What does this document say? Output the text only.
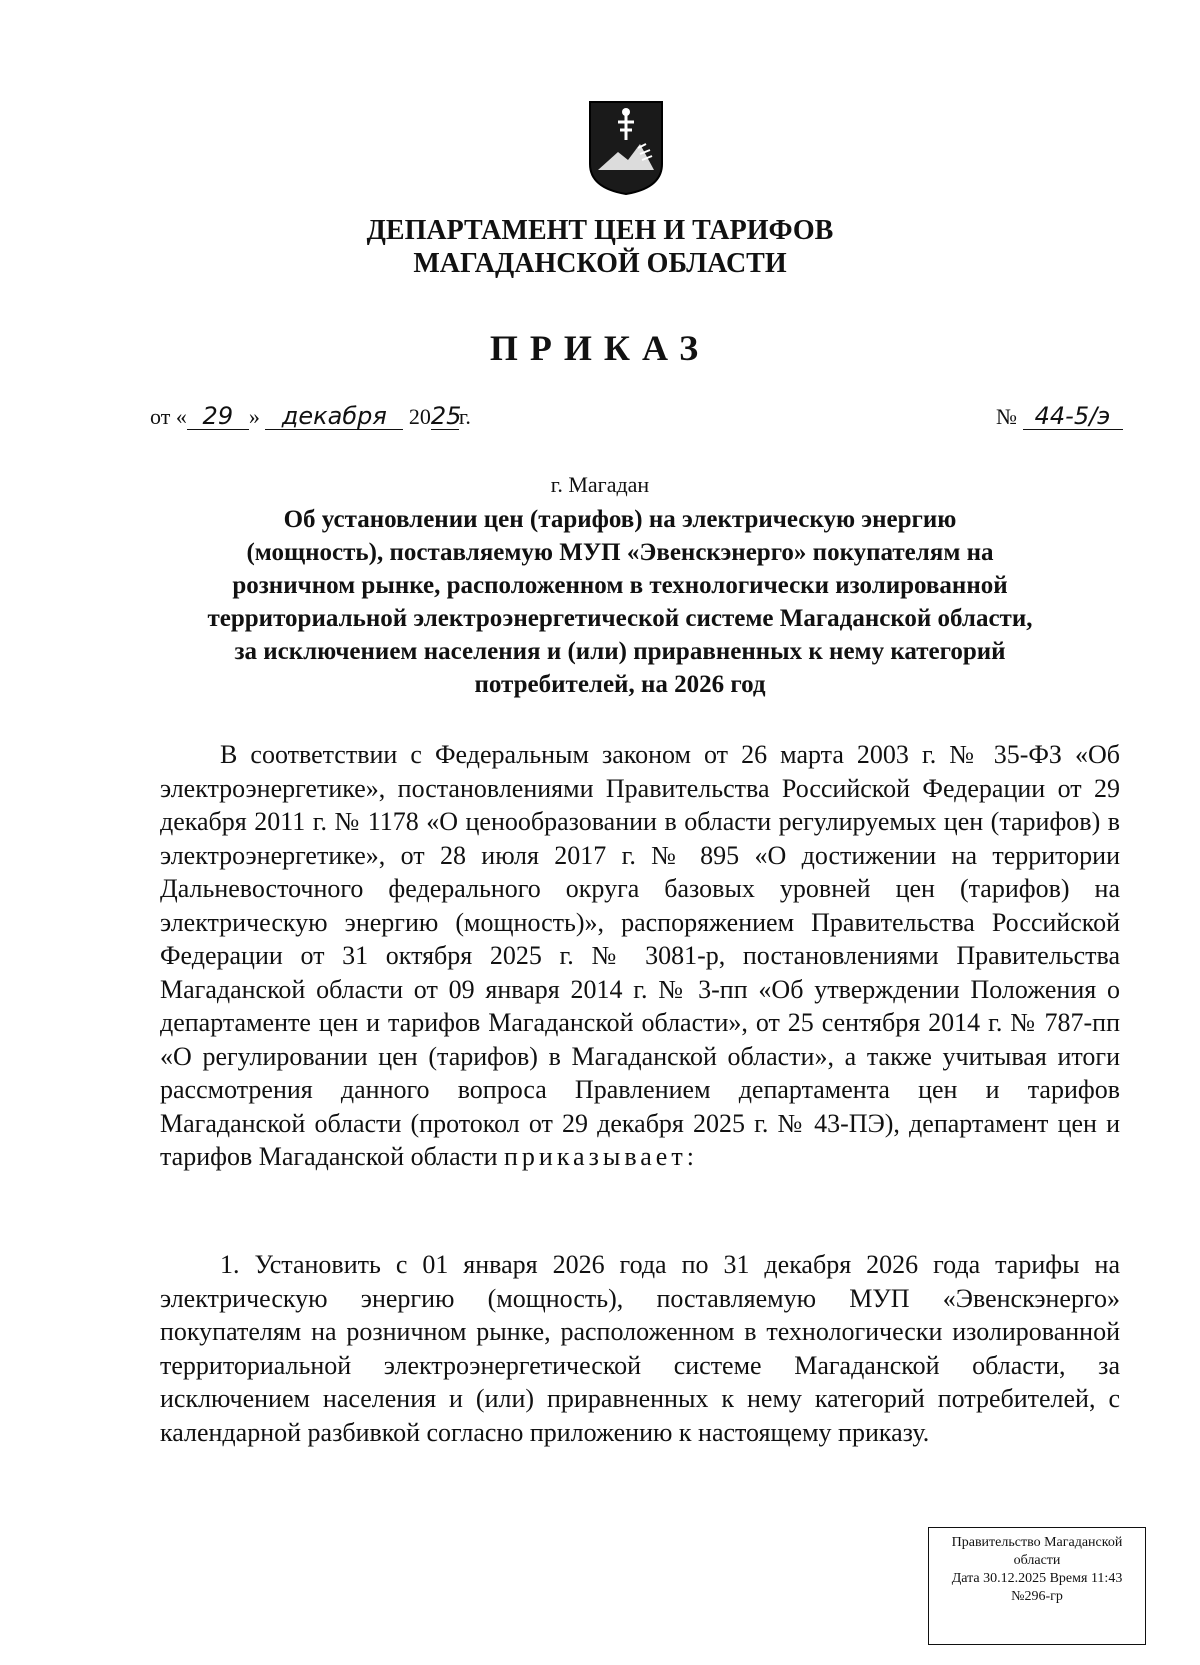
ДЕПАРТАМЕНТ ЦЕН И ТАРИФОВ
МАГАДАНСКОЙ ОБЛАСТИ
ПРИКАЗ
от « 29 » декабря 2025г.	№ 44-5/э
г. Магадан
Об установлении цен (тарифов) на электрическую энергию
(мощность), поставляемую МУП «Эвенскэнерго» покупателям на
розничном рынке, расположенном в технологически изолированной
территориальной электроэнергетической системе Магаданской области,
за исключением населения и (или) приравненных к нему категорий
потребителей, на 2026 год
В соответствии с Федеральным законом от 26 марта 2003 г. № 35-ФЗ «Об электроэнергетике», постановлениями Правительства Российской Федерации от 29 декабря 2011 г. № 1178 «О ценообразовании в области регулируемых цен (тарифов) в электроэнергетике», от 28 июля 2017 г. № 895 «О достижении на территории Дальневосточного федерального округа базовых уровней цен (тарифов) на электрическую энергию (мощность)», распоряжением Правительства Российской Федерации от 31 октября 2025 г. № 3081-р, постановлениями Правительства Магаданской области от 09 января 2014 г. № 3-пп «Об утверждении Положения о департаменте цен и тарифов Магаданской области», от 25 сентября 2014 г. № 787-пп «О регулировании цен (тарифов) в Магаданской области», а также учитывая итоги рассмотрения данного вопроса Правлением департамента цен и тарифов Магаданской области (протокол от 29 декабря 2025 г. № 43-ПЭ), департамент цен и тарифов Магаданской области приказывает:
1. Установить с 01 января 2026 года по 31 декабря 2026 года тарифы на электрическую энергию (мощность), поставляемую МУП «Эвенскэнерго» покупателям на розничном рынке, расположенном в технологически изолированной территориальной электроэнергетической системе Магаданской области, за исключением населения и (или) приравненных к нему категорий потребителей, с календарной разбивкой согласно приложению к настоящему приказу.
Правительство Магаданской
области
Дата 30.12.2025 Время 11:43
№296-гр
